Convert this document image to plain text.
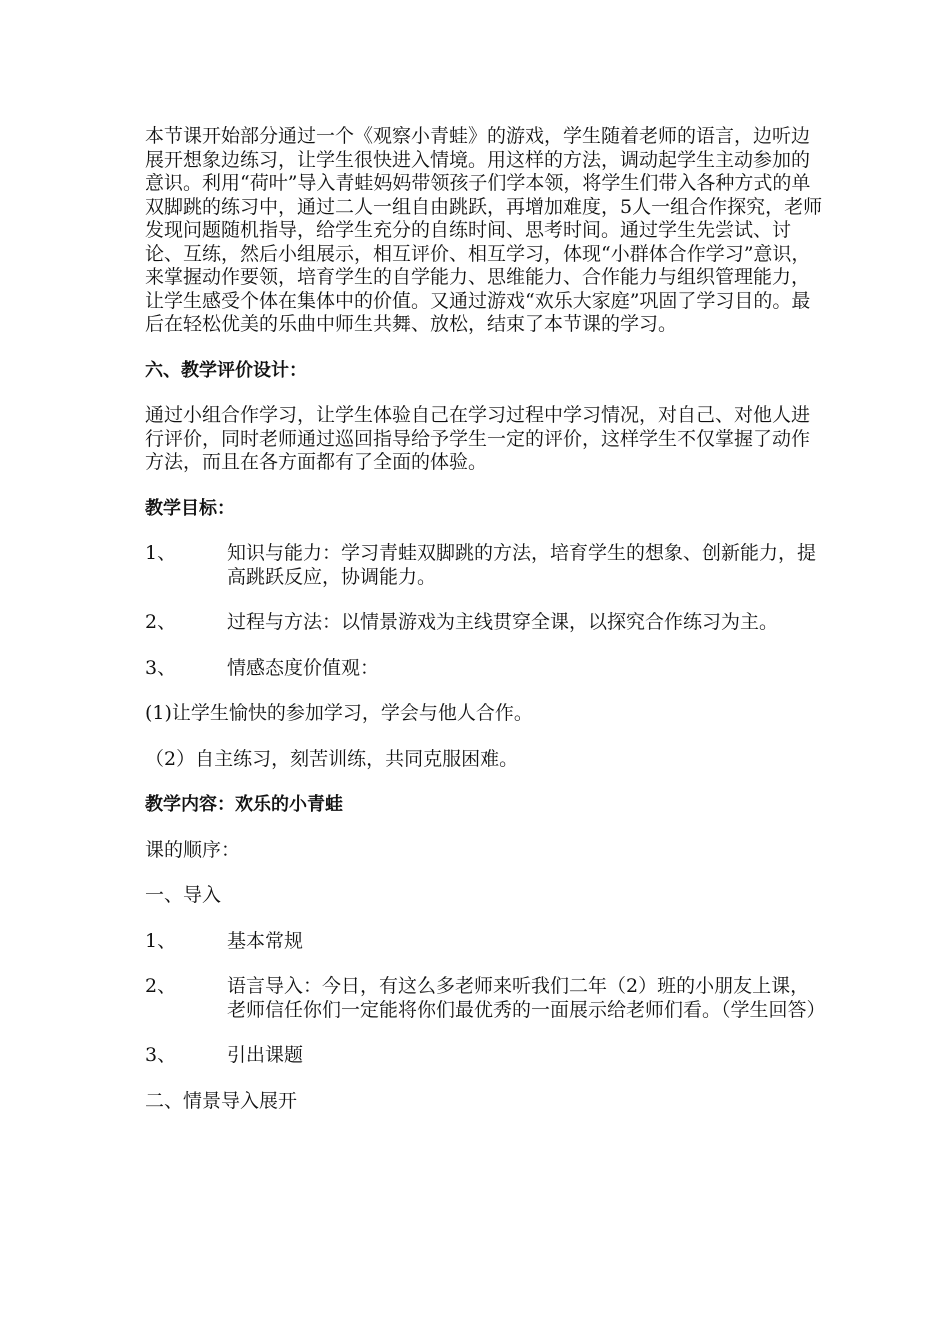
本节课开始部分通过一个《观察小青蛙》的游戏，学生随着老师的语言，边听边展开想象边练习，让学生很快进入情境。用这样的方法，调动起学生主动参加的意识。利用“荷叶”导入青蛙妈妈带领孩子们学本领，将学生们带入各种方式的单双脚跳的练习中，通过二人一组自由跳跃，再增加难度，5人一组合作探究，老师发现问题随机指导，给学生充分的自练时间、思考时间。通过学生先尝试、讨论、互练，然后小组展示，相互评价、相互学习，体现“小群体合作学习”意识，来掌握动作要领，培育学生的自学能力、思维能力、合作能力与组织管理能力，让学生感受个体在集体中的价值。又通过游戏“欢乐大家庭”巩固了学习目的。最后在轻松优美的乐曲中师生共舞、放松，结束了本节课的学习。

六、教学评价设计：

通过小组合作学习，让学生体验自己在学习过程中学习情况，对自己、对他人进行评价，同时老师通过巡回指导给予学生一定的评价，这样学生不仅掌握了动作方法，而且在各方面都有了全面的体验。

教学目标：

1、	知识与能力：学习青蛙双脚跳的方法，培育学生的想象、创新能力，提高跳跃反应，协调能力。
2、	过程与方法：以情景游戏为主线贯穿全课，以探究合作练习为主。
3、	情感态度价值观：

(1)让学生愉快的参加学习，学会与他人合作。

（2）自主练习，刻苦训练，共同克服困难。

教学内容：欢乐的小青蛙

课的顺序：

一、导入

1、	基本常规
2、	语言导入：今日，有这么多老师来听我们二年（2）班的小朋友上课，老师信任你们一定能将你们最优秀的一面展示给老师们看。（学生回答）
3、	引出课题

二、情景导入展开
